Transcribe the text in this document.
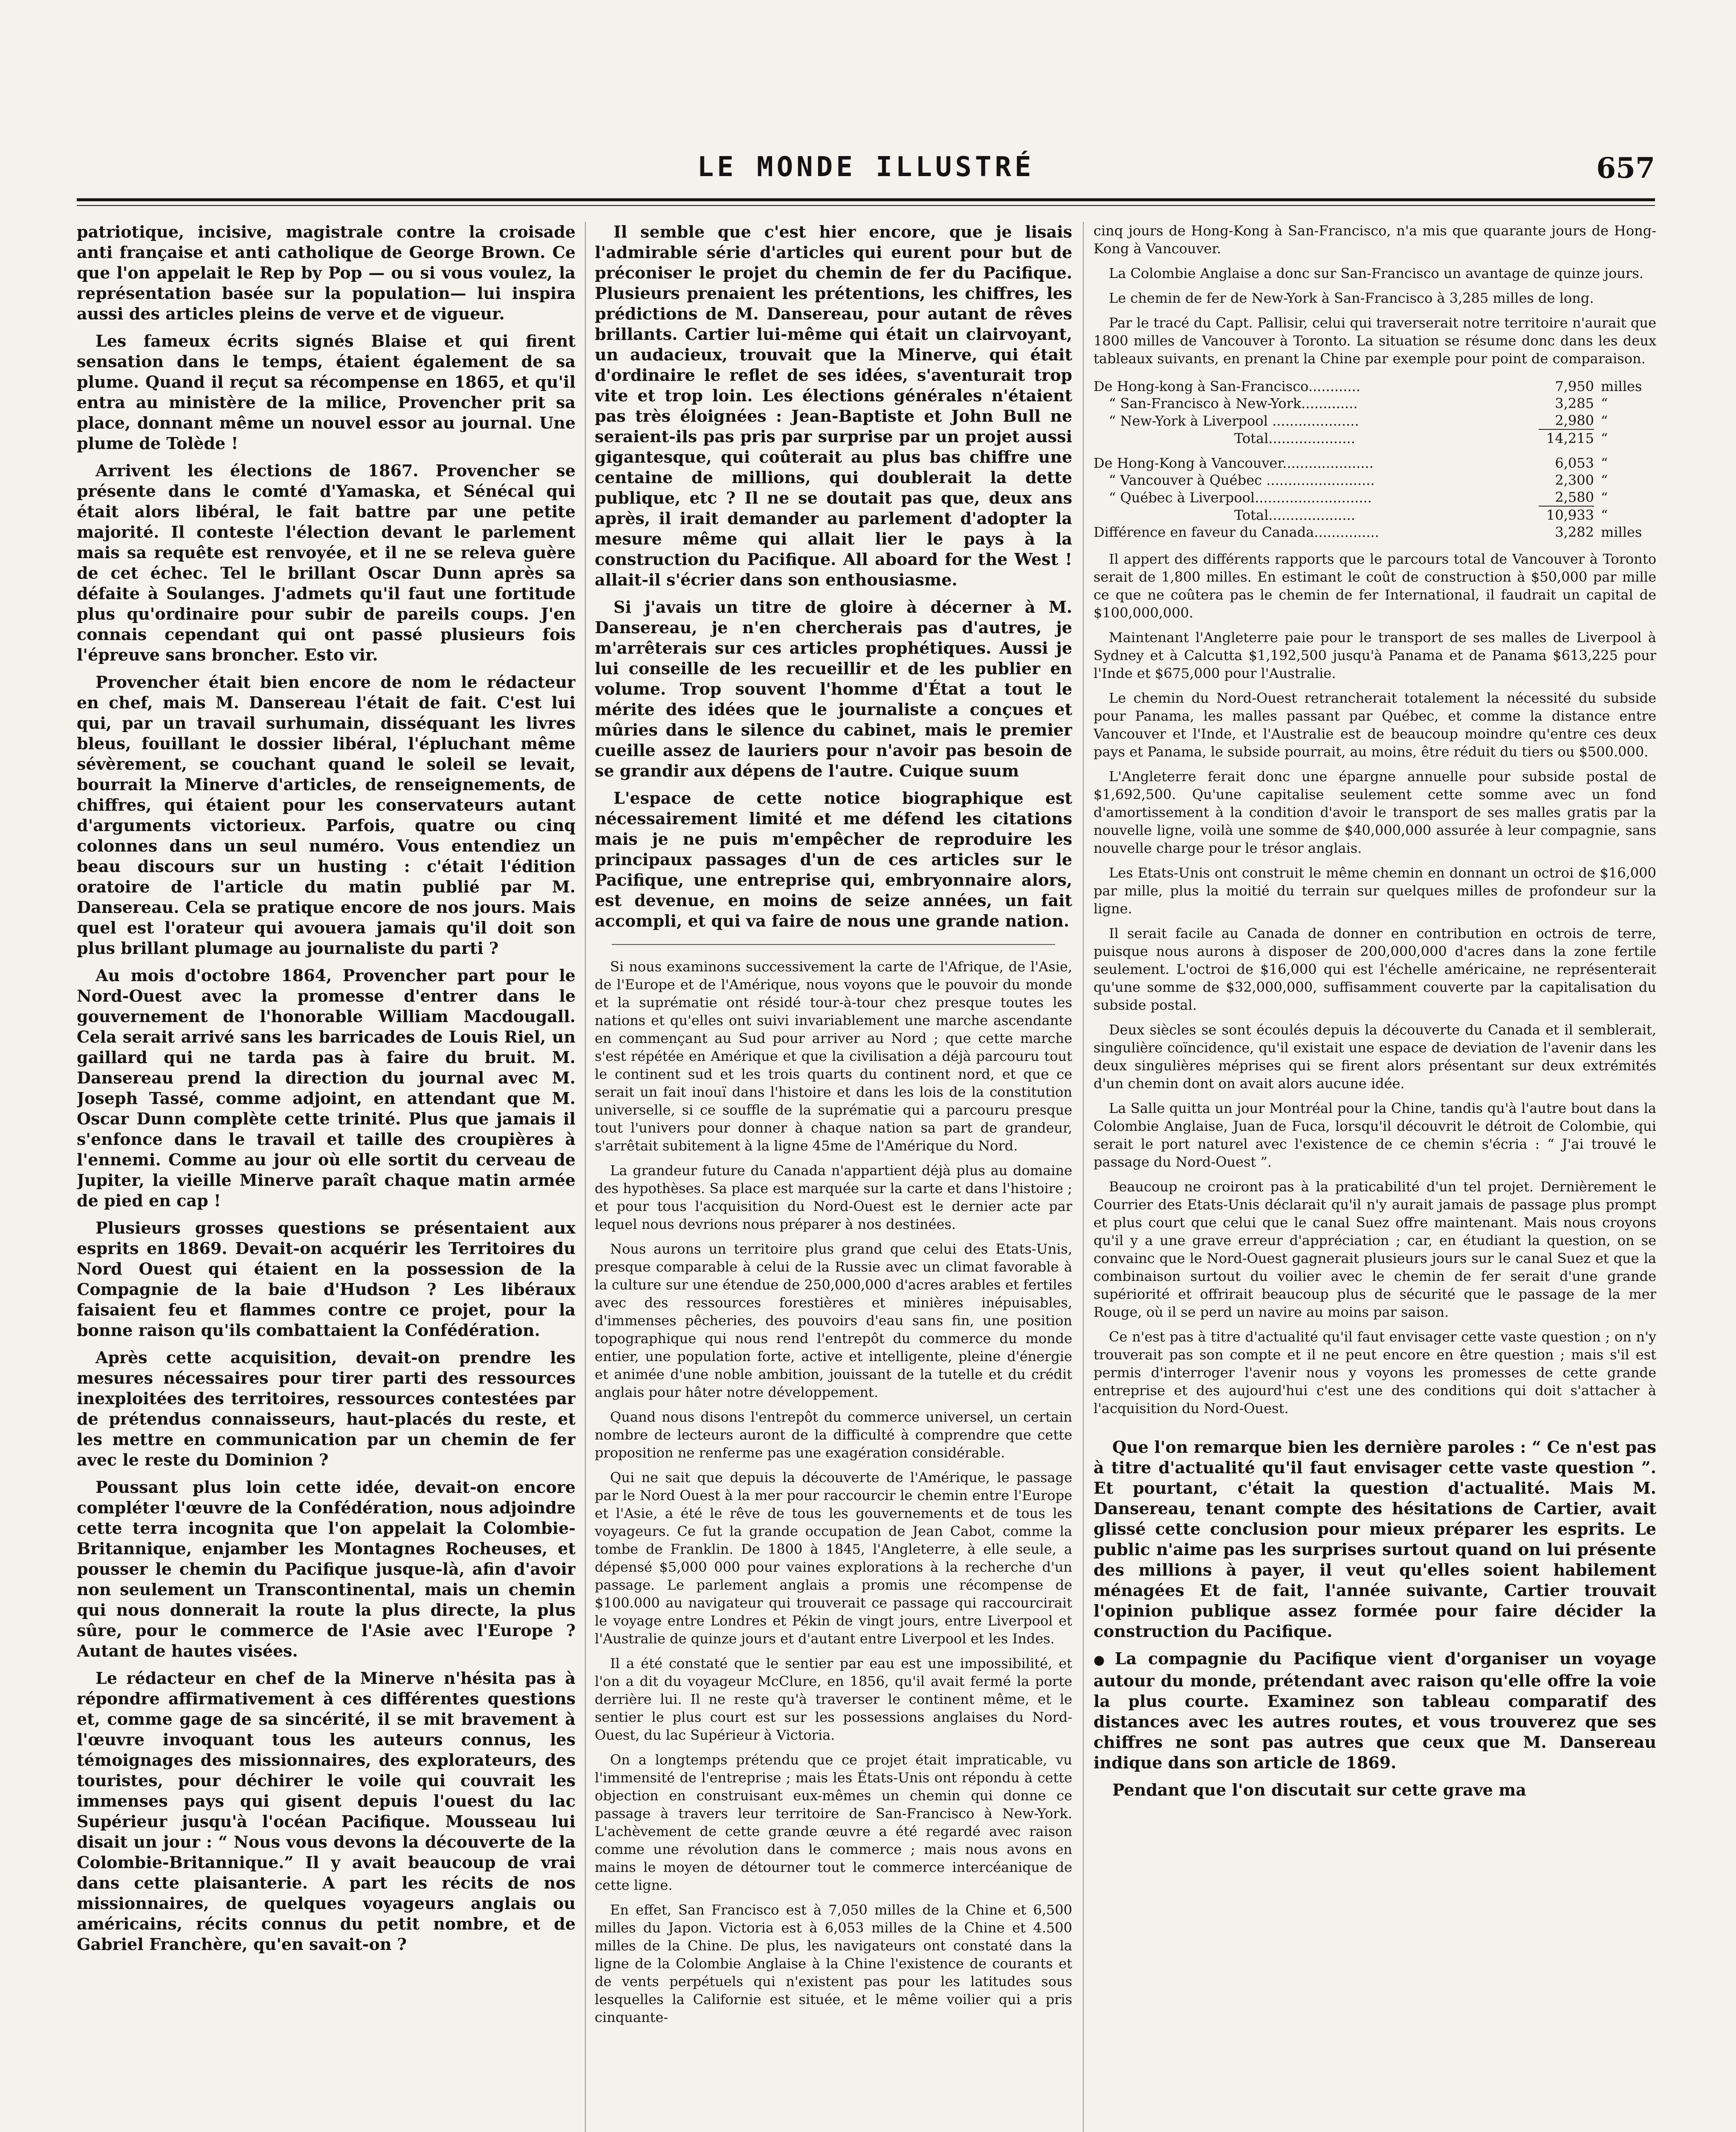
LE MONDE ILLUSTRÉ	657

patriotique, incisive, magistrale contre la croisade anti française et anti catholique de George Brown. Ce que l'on appelait le Rep by Pop — ou si vous voulez, la représentation basée sur la population— lui inspira aussi des articles pleins de verve et de vigueur.

Les fameux écrits signés Blaise et qui firent sensation dans le temps, étaient également de sa plume. Quand il reçut sa récompense en 1865, et qu'il entra au ministère de la milice, Provencher prit sa place, donnant même un nouvel essor au journal. Une plume de Tolède !

Arrivent les élections de 1867. Provencher se présente dans le comté d'Yamaska, et Sénécal qui était alors libéral, le fait battre par une petite majorité. Il conteste l'élection devant le parlement mais sa requête est renvoyée, et il ne se releva guère de cet échec. Tel le brillant Oscar Dunn après sa défaite à Soulanges. J'admets qu'il faut une fortitude plus qu'ordinaire pour subir de pareils coups. J'en connais cependant qui ont passé plusieurs fois l'épreuve sans broncher. Esto vir.

Provencher était bien encore de nom le rédacteur en chef, mais M. Dansereau l'était de fait. C'est lui qui, par un travail surhumain, disséquant les livres bleus, fouillant le dossier libéral, l'épluchant même sévèrement, se couchant quand le soleil se levait, bourrait la Minerve d'articles, de renseignements, de chiffres, qui étaient pour les conservateurs autant d'arguments victorieux. Parfois, quatre ou cinq colonnes dans un seul numéro. Vous entendiez un beau discours sur un husting : c'était l'édition oratoire de l'article du matin publié par M. Dansereau. Cela se pratique encore de nos jours. Mais quel est l'orateur qui avouera jamais qu'il doit son plus brillant plumage au journaliste du parti ?

Au mois d'octobre 1864, Provencher part pour le Nord-Ouest avec la promesse d'entrer dans le gouvernement de l'honorable William Macdougall. Cela serait arrivé sans les barricades de Louis Riel, un gaillard qui ne tarda pas à faire du bruit. M. Dansereau prend la direction du journal avec M. Joseph Tassé, comme adjoint, en attendant que M. Oscar Dunn complète cette trinité. Plus que jamais il s'enfonce dans le travail et taille des croupières à l'ennemi. Comme au jour où elle sortit du cerveau de Jupiter, la vieille Minerve paraît chaque matin armée de pied en cap !

Plusieurs grosses questions se présentaient aux esprits en 1869. Devait-on acquérir les Territoires du Nord Ouest qui étaient en la possession de la Compagnie de la baie d'Hudson ? Les libéraux faisaient feu et flammes contre ce projet, pour la bonne raison qu'ils combattaient la Confédération.

Après cette acquisition, devait-on prendre les mesures nécessaires pour tirer parti des ressources inexploitées des territoires, ressources contestées par de prétendus connaisseurs, haut-placés du reste, et les mettre en communication par un chemin de fer avec le reste du Dominion ?

Poussant plus loin cette idée, devait-on encore compléter l'œuvre de la Confédération, nous adjoindre cette terra incognita que l'on appelait la Colombie-Britannique, enjamber les Montagnes Rocheuses, et pousser le chemin du Pacifique jusque-là, afin d'avoir non seulement un Transcontinental, mais un chemin qui nous donnerait la route la plus directe, la plus sûre, pour le commerce de l'Asie avec l'Europe ? Autant de hautes visées.

Le rédacteur en chef de la Minerve n'hésita pas à répondre affirmativement à ces différentes questions et, comme gage de sa sincérité, il se mit bravement à l'œuvre invoquant tous les auteurs connus, les témoignages des missionnaires, des explorateurs, des touristes, pour déchirer le voile qui couvrait les immenses pays qui gisent depuis l'ouest du lac Supérieur jusqu'à l'océan Pacifique. Mousseau lui disait un jour : “ Nous vous devons la découverte de la Colombie-Britannique.” Il y avait beaucoup de vrai dans cette plaisanterie. A part les récits de nos missionnaires, de quelques voyageurs anglais ou américains, récits connus du petit nombre, et de Gabriel Franchère, qu'en savait-on ?

Il semble que c'est hier encore, que je lisais l'admirable série d'articles qui eurent pour but de préconiser le projet du chemin de fer du Pacifique. Plusieurs prenaient les prétentions, les chiffres, les prédictions de M. Dansereau, pour autant de rêves brillants. Cartier lui-même qui était un clairvoyant, un audacieux, trouvait que la Minerve, qui était d'ordinaire le reflet de ses idées, s'aventurait trop vite et trop loin. Les élections générales n'étaient pas très éloignées : Jean-Baptiste et John Bull ne seraient-ils pas pris par surprise par un projet aussi gigantesque, qui coûterait au plus bas chiffre une centaine de millions, qui doublerait la dette publique, etc ? Il ne se doutait pas que, deux ans après, il irait demander au parlement d'adopter la mesure même qui allait lier le pays à la construction du Pacifique. All aboard for the West ! allait-il s'écrier dans son enthousiasme.

Si j'avais un titre de gloire à décerner à M. Dansereau, je n'en chercherais pas d'autres, je m'arrêterais sur ces articles prophétiques. Aussi je lui conseille de les recueillir et de les publier en volume. Trop souvent l'homme d'État a tout le mérite des idées que le journaliste a conçues et mûries dans le silence du cabinet, mais le premier cueille assez de lauriers pour n'avoir pas besoin de se grandir aux dépens de l'autre. Cuique suum

L'espace de cette notice biographique est nécessairement limité et me défend les citations mais je ne puis m'empêcher de reproduire les principaux passages d'un de ces articles sur le Pacifique, une entreprise qui, embryonnaire alors, est devenue, en moins de seize années, un fait accompli, et qui va faire de nous une grande nation.

Si nous examinons successivement la carte de l'Afrique, de l'Asie, de l'Europe et de l'Amérique, nous voyons que le pouvoir du monde et la suprématie ont résidé tour-à-tour chez presque toutes les nations et qu'elles ont suivi invariablement une marche ascendante en commençant au Sud pour arriver au Nord ; que cette marche s'est répétée en Amérique et que la civilisation a déjà parcouru tout le continent sud et les trois quarts du continent nord, et que ce serait un fait inouï dans l'histoire et dans les lois de la constitution universelle, si ce souffle de la suprématie qui a parcouru presque tout l'univers pour donner à chaque nation sa part de grandeur, s'arrêtait subitement à la ligne 45me de l'Amérique du Nord.

La grandeur future du Canada n'appartient déjà plus au domaine des hypothèses. Sa place est marquée sur la carte et dans l'histoire ; et pour tous l'acquisition du Nord-Ouest est le dernier acte par lequel nous devrions nous préparer à nos destinées.

Nous aurons un territoire plus grand que celui des Etats-Unis, presque comparable à celui de la Russie avec un climat favorable à la culture sur une étendue de 250,000,000 d'acres arables et fertiles avec des ressources forestières et minières inépuisables, d'immenses pêcheries, des pouvoirs d'eau sans fin, une position topographique qui nous rend l'entrepôt du commerce du monde entier, une population forte, active et intelligente, pleine d'énergie et animée d'une noble ambition, jouissant de la tutelle et du crédit anglais pour hâter notre développement.

Quand nous disons l'entrepôt du commerce universel, un certain nombre de lecteurs auront de la difficulté à comprendre que cette proposition ne renferme pas une exagération considérable.

Qui ne sait que depuis la découverte de l'Amérique, le passage par le Nord Ouest à la mer pour raccourcir le chemin entre l'Europe et l'Asie, a été le rêve de tous les gouvernements et de tous les voyageurs. Ce fut la grande occupation de Jean Cabot, comme la tombe de Franklin. De 1800 à 1845, l'Angleterre, à elle seule, a dépensé $5,000 000 pour vaines explorations à la recherche d'un passage. Le parlement anglais a promis une récompense de $100.000 au navigateur qui trouverait ce passage qui raccourcirait le voyage entre Londres et Pékin de vingt jours, entre Liverpool et l'Australie de quinze jours et d'autant entre Liverpool et les Indes.

Il a été constaté que le sentier par eau est une impossibilité, et l'on a dit du voyageur McClure, en 1856, qu'il avait fermé la porte derrière lui. Il ne reste qu'à traverser le continent même, et le sentier le plus court est sur les possessions anglaises du Nord-Ouest, du lac Supérieur à Victoria.

On a longtemps prétendu que ce projet était impraticable, vu l'immensité de l'entreprise ; mais les États-Unis ont répondu à cette objection en construisant eux-mêmes un chemin qui donne ce passage à travers leur territoire de San-Francisco à New-York. L'achèvement de cette grande œuvre a été regardé avec raison comme une révolution dans le commerce ; mais nous avons en mains le moyen de détourner tout le commerce intercéanique de cette ligne.

En effet, San Francisco est à 7,050 milles de la Chine et 6,500 milles du Japon. Victoria est à 6,053 milles de la Chine et 4.500 milles de la Chine. De plus, les navigateurs ont constaté dans la ligne de la Colombie Anglaise à la Chine l'existence de courants et de vents perpétuels qui n'existent pas pour les latitudes sous lesquelles la Californie est située, et le même voilier qui a pris cinquante-

cinq jours de Hong-Kong à San-Francisco, n'a mis que quarante jours de Hong-Kong à Vancouver.

La Colombie Anglaise a donc sur San-Francisco un avantage de quinze jours.

Le chemin de fer de New-York à San-Francisco à 3,285 milles de long.

Par le tracé du Capt. Pallisir, celui qui traverserait notre territoire n'aurait que 1800 milles de Vancouver à Toronto. La situation se résume donc dans les deux tableaux suivants, en prenant la Chine par exemple pour point de comparaison.

De Hong-kong à San-Francisco............	7,950	milles
“ San-Francisco à New-York.............	3,285	“
“ New-York à Liverpool ....................	2,980	“
Total....................	14,215	“

De Hong-Kong à Vancouver.....................	6,053	“
“ Vancouver à Québec .........................	2,300	“
“ Québec à Liverpool...........................	2,580	“
Total....................	10,933	“
Différence en faveur du Canada...............	3,282	milles

Il appert des différents rapports que le parcours total de Vancouver à Toronto serait de 1,800 milles. En estimant le coût de construction à $50,000 par mille ce que ne coûtera pas le chemin de fer International, il faudrait un capital de $100,000,000.

Maintenant l'Angleterre paie pour le transport de ses malles de Liverpool à Sydney et à Calcutta $1,192,500 jusqu'à Panama et de Panama $613,225 pour l'Inde et $675,000 pour l'Australie.

Le chemin du Nord-Ouest retrancherait totalement la nécessité du subside pour Panama, les malles passant par Québec, et comme la distance entre Vancouver et l'Inde, et l'Australie est de beaucoup moindre qu'entre ces deux pays et Panama, le subside pourrait, au moins, être réduit du tiers ou $500.000.

L'Angleterre ferait donc une épargne annuelle pour subside postal de $1,692,500. Qu'une capitalise seulement cette somme avec un fond d'amortissement à la condition d'avoir le transport de ses malles gratis par la nouvelle ligne, voilà une somme de $40,000,000 assurée à leur compagnie, sans nouvelle charge pour le trésor anglais.

Les Etats-Unis ont construit le même chemin en donnant un octroi de $16,000 par mille, plus la moitié du terrain sur quelques milles de profondeur sur la ligne.

Il serait facile au Canada de donner en contribution en octrois de terre, puisque nous aurons à disposer de 200,000,000 d'acres dans la zone fertile seulement. L'octroi de $16,000 qui est l'échelle américaine, ne représenterait qu'une somme de $32,000,000, suffisamment couverte par la capitalisation du subside postal.

Deux siècles se sont écoulés depuis la découverte du Canada et il semblerait, singulière coïncidence, qu'il existait une espace de deviation de l'avenir dans les deux singulières méprises qui se firent alors présentant sur deux extrémités d'un chemin dont on avait alors aucune idée.

La Salle quitta un jour Montréal pour la Chine, tandis qu'à l'autre bout dans la Colombie Anglaise, Juan de Fuca, lorsqu'il découvrit le détroit de Colombie, qui serait le port naturel avec l'existence de ce chemin s'écria : “ J'ai trouvé le passage du Nord-Ouest ”.

Beaucoup ne croiront pas à la praticabilité d'un tel projet. Dernièrement le Courrier des Etats-Unis déclarait qu'il n'y aurait jamais de passage plus prompt et plus court que celui que le canal Suez offre maintenant. Mais nous croyons qu'il y a une grave erreur d'appréciation ; car, en étudiant la question, on se convainc que le Nord-Ouest gagnerait plusieurs jours sur le canal Suez et que la combinaison surtout du voilier avec le chemin de fer serait d'une grande supériorité et offrirait beaucoup plus de sécurité que le passage de la mer Rouge, où il se perd un navire au moins par saison.

Ce n'est pas à titre d'actualité qu'il faut envisager cette vaste question ; on n'y trouverait pas son compte et il ne peut encore en être question ; mais s'il est permis d'interroger l'avenir nous y voyons les promesses de cette grande entreprise et des aujourd'hui c'est une des conditions qui doit s'attacher à l'acquisition du Nord-Ouest.

Que l'on remarque bien les dernière paroles : “ Ce n'est pas à titre d'actualité qu'il faut envisager cette vaste question ”. Et pourtant, c'était la question d'actualité. Mais M. Dansereau, tenant compte des hésitations de Cartier, avait glissé cette conclusion pour mieux préparer les esprits. Le public n'aime pas les surprises surtout quand on lui présente des millions à payer, il veut qu'elles soient habilement ménagées Et de fait, l'année suivante, Cartier trouvait l'opinion publique assez formée pour faire décider la construction du Pacifique.

● La compagnie du Pacifique vient d'organiser un voyage autour du monde, prétendant avec raison qu'elle offre la voie la plus courte. Examinez son tableau comparatif des distances avec les autres routes, et vous trouverez que ses chiffres ne sont pas autres que ceux que M. Dansereau indique dans son article de 1869.

Pendant que l'on discutait sur cette grave ma
